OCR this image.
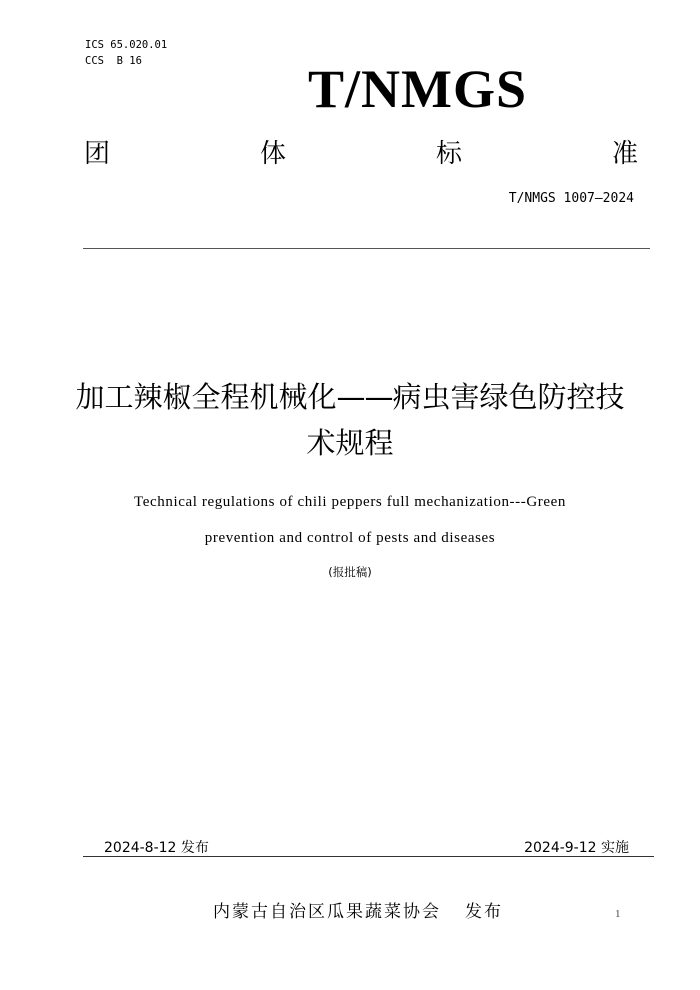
ICS 65.020.01
CCS  B 16	T/NMGS
团	体	标	准
T/NMGS 1007—2024
加工辣椒全程机械化——病虫害绿色防控技
术规程
Technical regulations of chili peppers full mechanization---Green
prevention and control of pests and diseases
(报批稿)
2024-8-12 发布	2024-9-12 实施
内蒙古自治区瓜果蔬菜协会 发布	1
